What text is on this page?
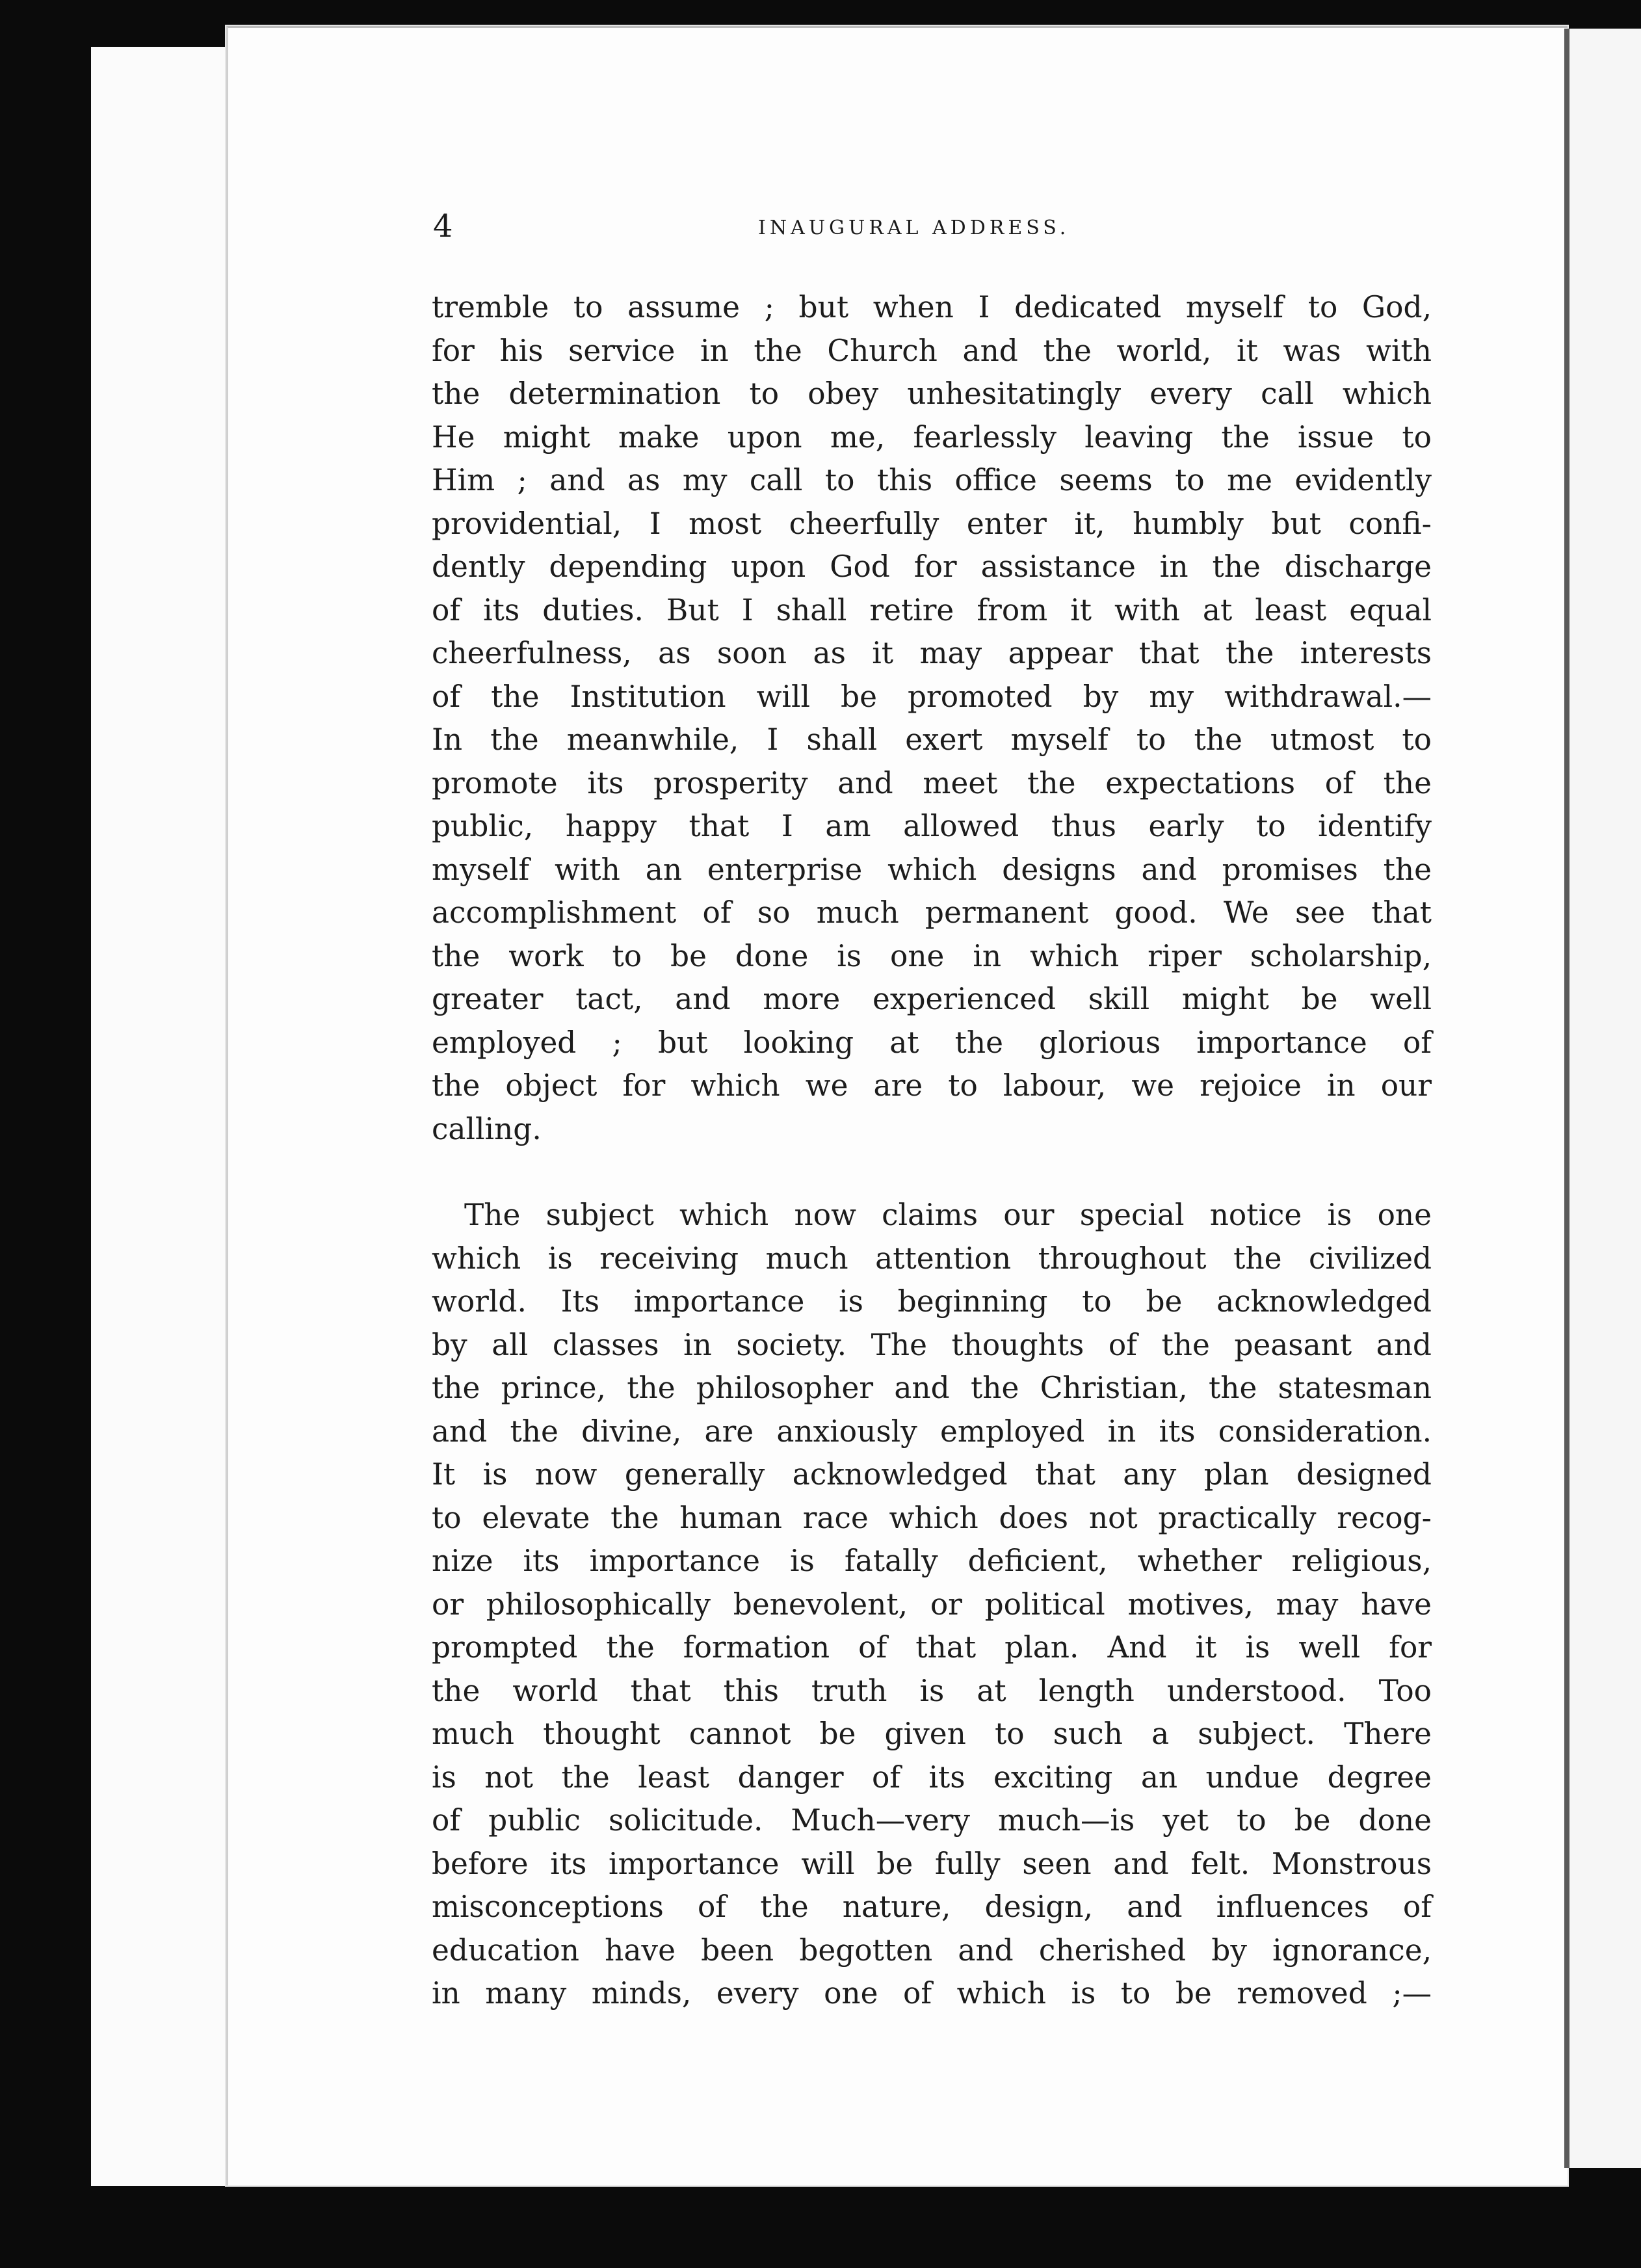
4	INAUGURAL ADDRESS.
tremble to assume ; but when I dedicated myself to God,
for his service in the Church and the world, it was with
the determination to obey unhesitatingly every call which
He might make upon me, fearlessly leaving the issue to
Him ; and as my call to this office seems to me evidently
providential, I most cheerfully enter it, humbly but confi-
dently depending upon God for assistance in the discharge
of its duties. But I shall retire from it with at least equal
cheerfulness, as soon as it may appear that the interests
of the Institution will be promoted by my withdrawal.—
In the meanwhile, I shall exert myself to the utmost to
promote its prosperity and meet the expectations of the
public, happy that I am allowed thus early to identify
myself with an enterprise which designs and promises the
accomplishment of so much permanent good. We see that
the work to be done is one in which riper scholarship,
greater tact, and more experienced skill might be well
employed ; but looking at the glorious importance of
the object for which we are to labour, we rejoice in our
calling.
The subject which now claims our special notice is one
which is receiving much attention throughout the civilized
world. Its importance is beginning to be acknowledged
by all classes in society. The thoughts of the peasant and
the prince, the philosopher and the Christian, the statesman
and the divine, are anxiously employed in its consideration.
It is now generally acknowledged that any plan designed
to elevate the human race which does not practically recog-
nize its importance is fatally deficient, whether religious,
or philosophically benevolent, or political motives, may have
prompted the formation of that plan. And it is well for
the world that this truth is at length understood. Too
much thought cannot be given to such a subject. There
is not the least danger of its exciting an undue degree
of public solicitude. Much—very much—is yet to be done
before its importance will be fully seen and felt. Monstrous
misconceptions of the nature, design, and influences of
education have been begotten and cherished by ignorance,
in many minds, every one of which is to be removed ;—
